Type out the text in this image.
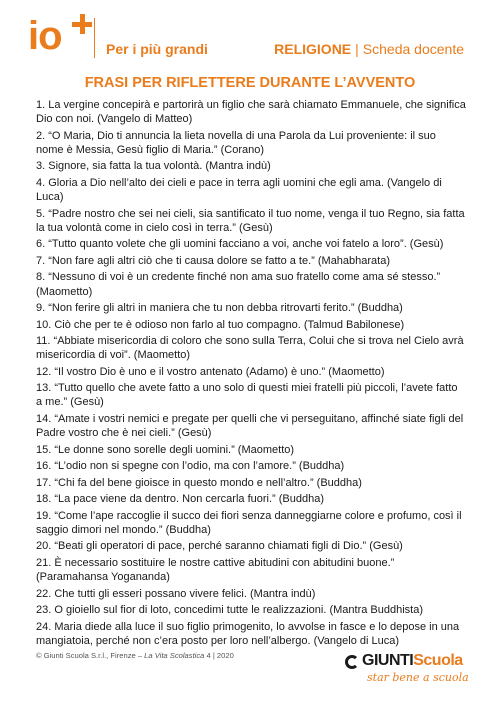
io	Per i più grandi	RELIGIONE | Scheda docente
FRASI PER RIFLETTERE DURANTE L’AVVENTO
1. La vergine concepirà e partorirà un figlio che sarà chiamato Emmanuele, che significa Dio con noi. (Vangelo di Matteo)
2. “O Maria, Dio ti annuncia la lieta novella di una Parola da Lui proveniente: il suo nome è Messia, Gesù figlio di Maria.” (Corano)
3. Signore, sia fatta la tua volontà. (Mantra indù)
4. Gloria a Dio nell’alto dei cieli e pace in terra agli uomini che egli ama. (Vangelo di Luca)
5. “Padre nostro che sei nei cieli, sia santificato il tuo nome, venga il tuo Regno, sia fatta la tua volontà come in cielo così in terra.” (Gesù)
6. “Tutto quanto volete che gli uomini facciano a voi, anche voi fatelo a loro”. (Gesù)
7. “Non fare agli altri ciò che ti causa dolore se fatto a te.” (Mahabharata)
8. “Nessuno di voi è un credente finché non ama suo fratello come ama sé stesso.” (Maometto)
9. “Non ferire gli altri in maniera che tu non debba ritrovarti ferito.” (Buddha)
10. Ciò che per te è odioso non farlo al tuo compagno. (Talmud Babilonese)
11. “Abbiate misericordia di coloro che sono sulla Terra, Colui che si trova nel Cielo avrà misericordia di voi”. (Maometto)
12. “Il vostro Dio è uno e il vostro antenato (Adamo) è uno.” (Maometto)
13. “Tutto quello che avete fatto a uno solo di questi miei fratelli più piccoli, l’avete fatto a me.” (Gesù)
14. “Amate i vostri nemici e pregate per quelli che vi perseguitano, affinché siate figli del Padre vostro che è nei cieli.” (Gesù)
15. “Le donne sono sorelle degli uomini.” (Maometto)
16. “L’odio non si spegne con l’odio, ma con l’amore.” (Buddha)
17. “Chi fa del bene gioisce in questo mondo e nell’altro.” (Buddha)
18. “La pace viene da dentro. Non cercarla fuori.” (Buddha)
19. “Come l’ape raccoglie il succo dei fiori senza danneggiarne colore e profumo, così il saggio dimori nel mondo.” (Buddha)
20. “Beati gli operatori di pace, perché saranno chiamati figli di Dio.” (Gesù)
21. È necessario sostituire le nostre cattive abitudini con abitudini buone.” (Paramahansa Yogananda)
22. Che tutti gli esseri possano vivere felici. (Mantra indù)
23. O gioiello sul fior di loto, concedimi tutte le realizzazioni. (Mantra Buddhista)
24. Maria diede alla luce il suo figlio primogenito, lo avvolse in fasce e lo depose in una mangiatoia, perché non c’era posto per loro nell’albergo. (Vangelo di Luca)
© Giunti Scuola S.r.l., Firenze – La Vita Scolastica 4 | 2020	GIUNTIScuola
star bene a scuola
